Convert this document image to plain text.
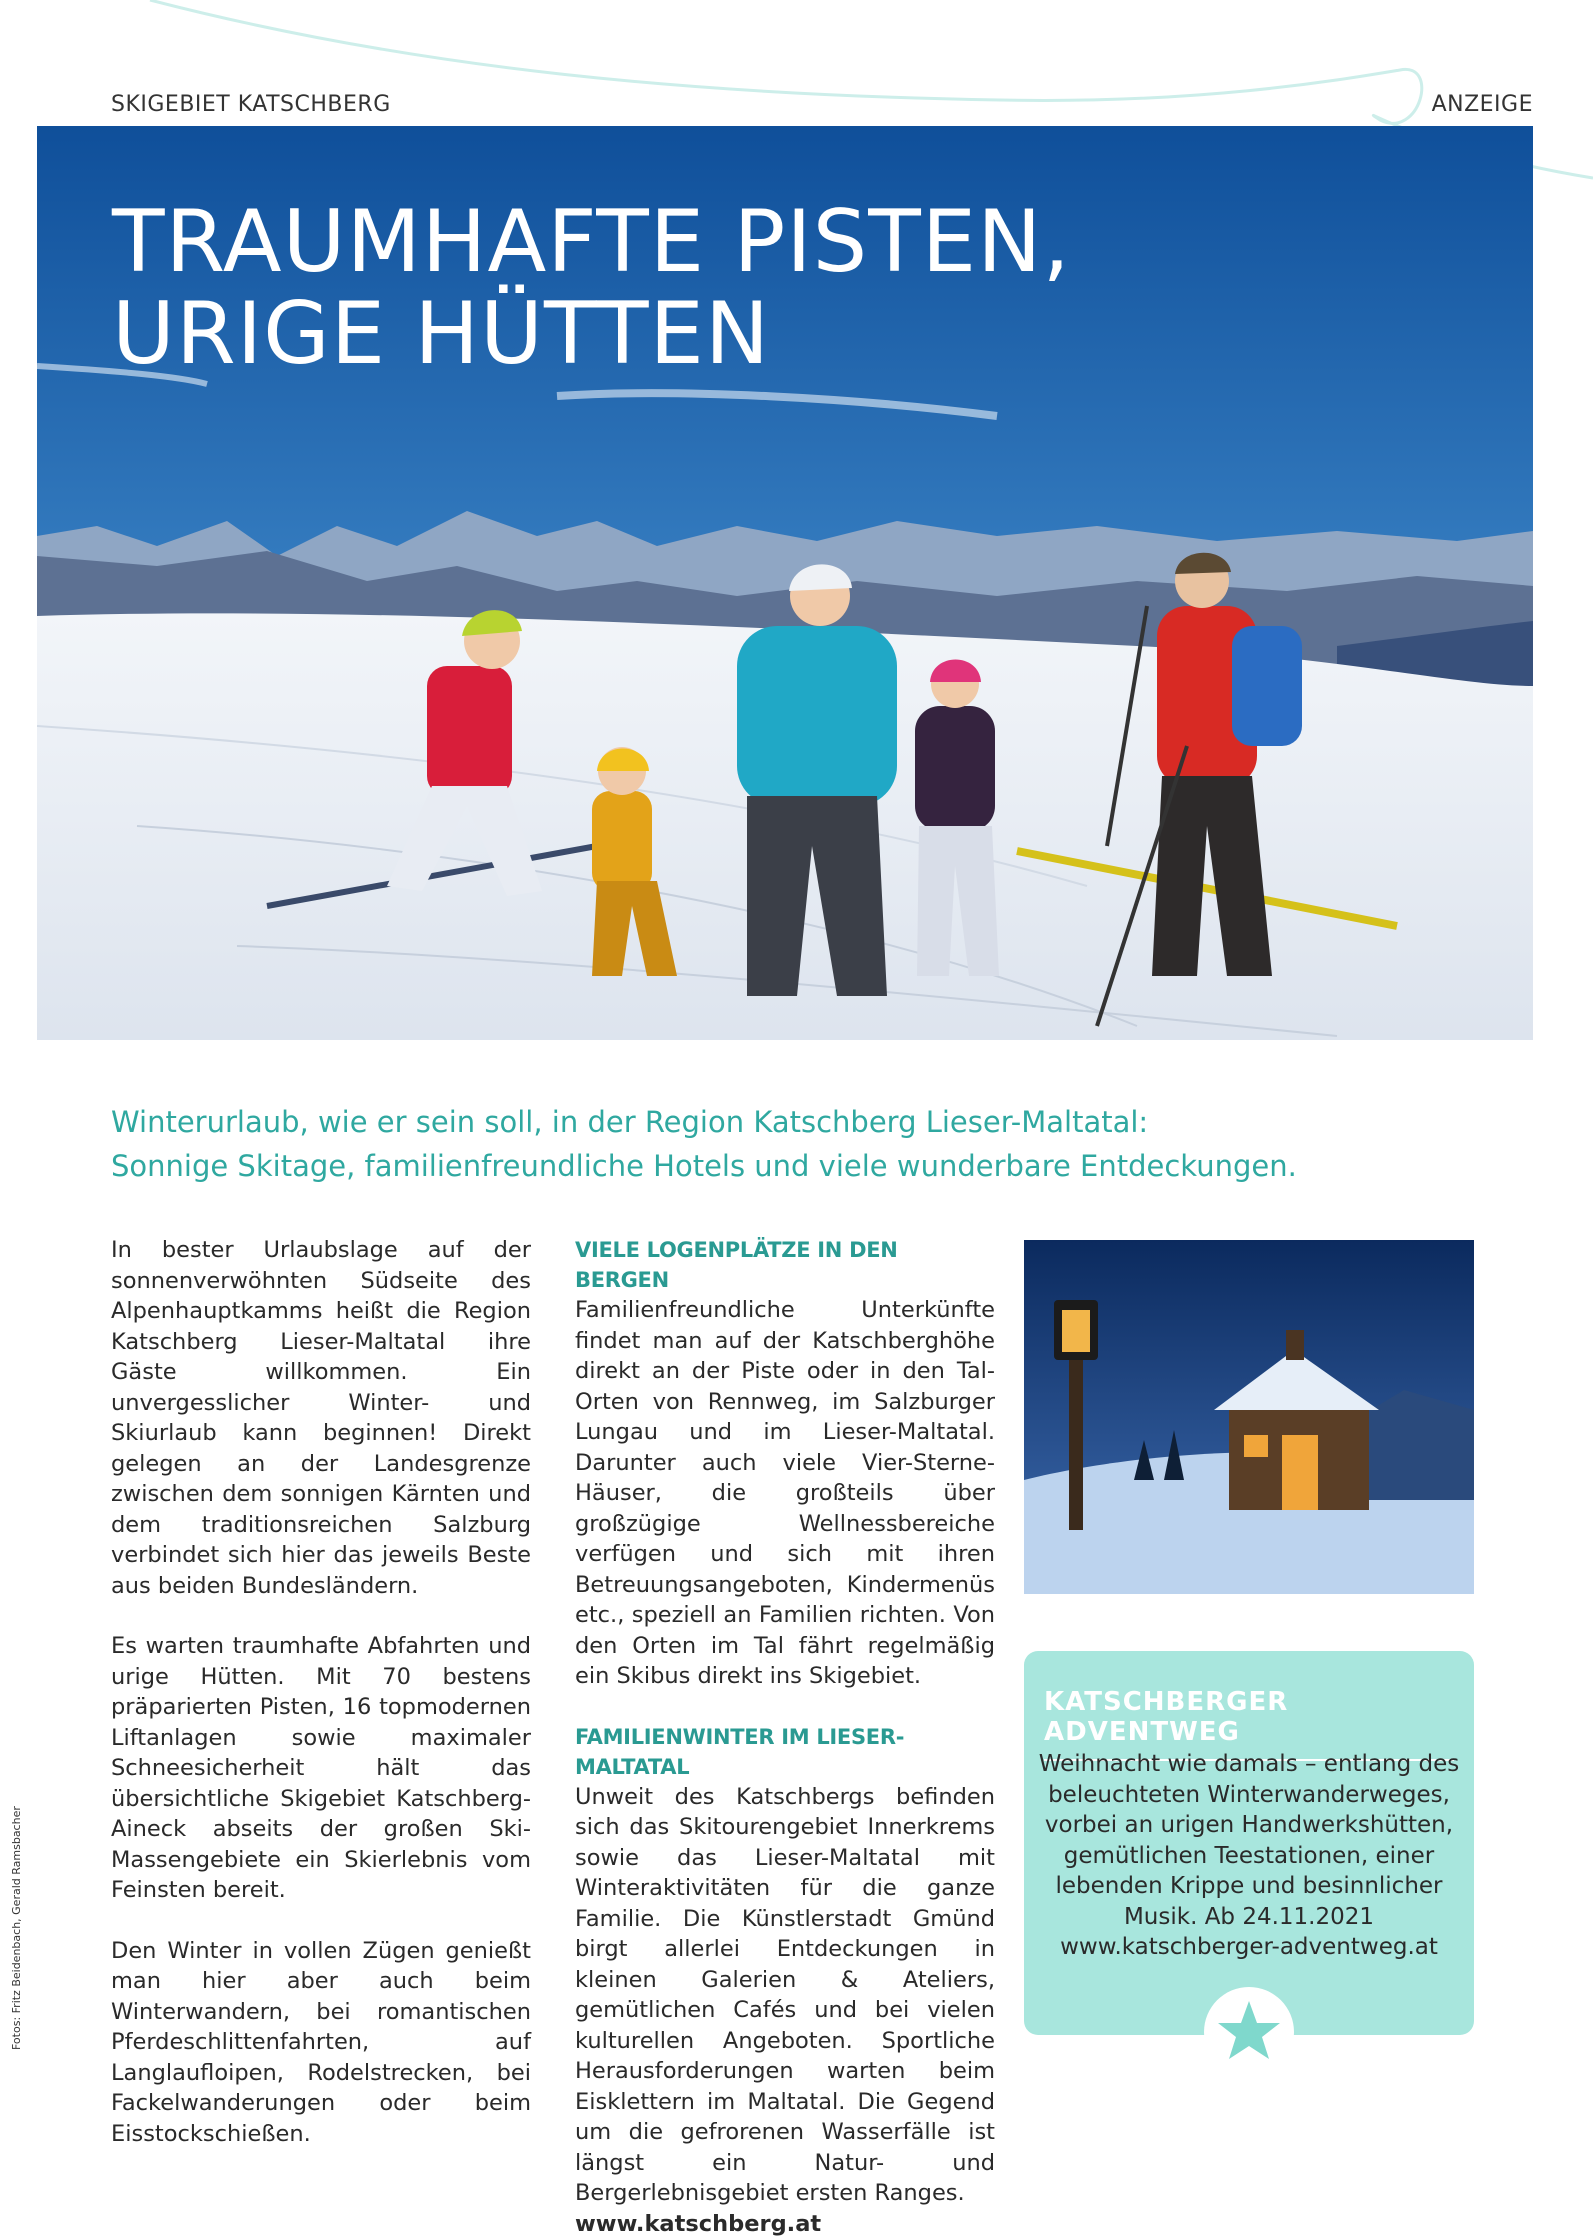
SKIGEBIET KATSCHBERG	ANZEIGE
TRAUMHAFTE PISTEN,
URIGE HÜTTEN
Winterurlaub, wie er sein soll, in der Region Katschberg Lieser-Maltatal:
Sonnige Skitage, familienfreundliche Hotels und viele wunderbare Entdeckungen.

In bester Urlaubslage auf der sonnenverwöhnten Südseite des Alpenhauptkamms heißt die Region Katschberg Lieser-Maltatal ihre Gäste willkommen. Ein unvergesslicher Winter- und Skiurlaub kann beginnen! Direkt gelegen an der Landesgrenze zwischen dem sonnigen Kärnten und dem traditionsreichen Salzburg verbindet sich hier das jeweils Beste aus beiden Bundesländern.

Es warten traumhafte Abfahrten und urige Hütten. Mit 70 bestens präparierten Pisten, 16 topmodernen Liftanlagen sowie maximaler Schneesicherheit hält das übersichtliche Skigebiet Katschberg-Aineck abseits der großen Ski-Massengebiete ein Skierlebnis vom Feinsten bereit.

Den Winter in vollen Zügen genießt man hier aber auch beim Winterwandern, bei romantischen Pferdeschlittenfahrten, auf Langlaufloipen, Rodelstrecken, bei Fackelwanderungen oder beim Eisstockschießen.

VIELE LOGENPLÄTZE IN DEN BERGEN

Familienfreundliche Unterkünfte findet man auf der Katschberghöhe direkt an der Piste oder in den Tal-Orten von Rennweg, im Salzburger Lungau und im Lieser-Maltatal. Darunter auch viele Vier-Sterne-Häuser, die großteils über großzügige Wellnessbereiche verfügen und sich mit ihren Betreuungsangeboten, Kindermenüs etc., speziell an Familien richten. Von den Orten im Tal fährt regelmäßig ein Skibus direkt ins Skigebiet.

FAMILIENWINTER IM LIESER-MALTATAL

Unweit des Katschbergs befinden sich das Skitourengebiet Innerkrems sowie das Lieser-Maltatal mit Winteraktivitäten für die ganze Familie. Die Künstlerstadt Gmünd birgt allerlei Entdeckungen in kleinen Galerien & Ateliers, gemütlichen Cafés und bei vielen kulturellen Angeboten. Sportliche Herausforderungen warten beim Eisklettern im Maltatal. Die Gegend um die gefrorenen Wasserfälle ist längst ein Natur- und Bergerlebnisgebiet ersten Ranges.

www.katschberg.at

KATSCHBERGER ADVENTWEG
Weihnacht wie damals – entlang des
beleuchteten Winterwanderweges,
vorbei an urigen Handwerkshütten,
gemütlichen Teestationen, einer
lebenden Krippe und besinnlicher
Musik. Ab 24.11.2021
www.katschberger-adventweg.at
Fotos: Fritz Beidenbach, Gerald Ramsbacher
